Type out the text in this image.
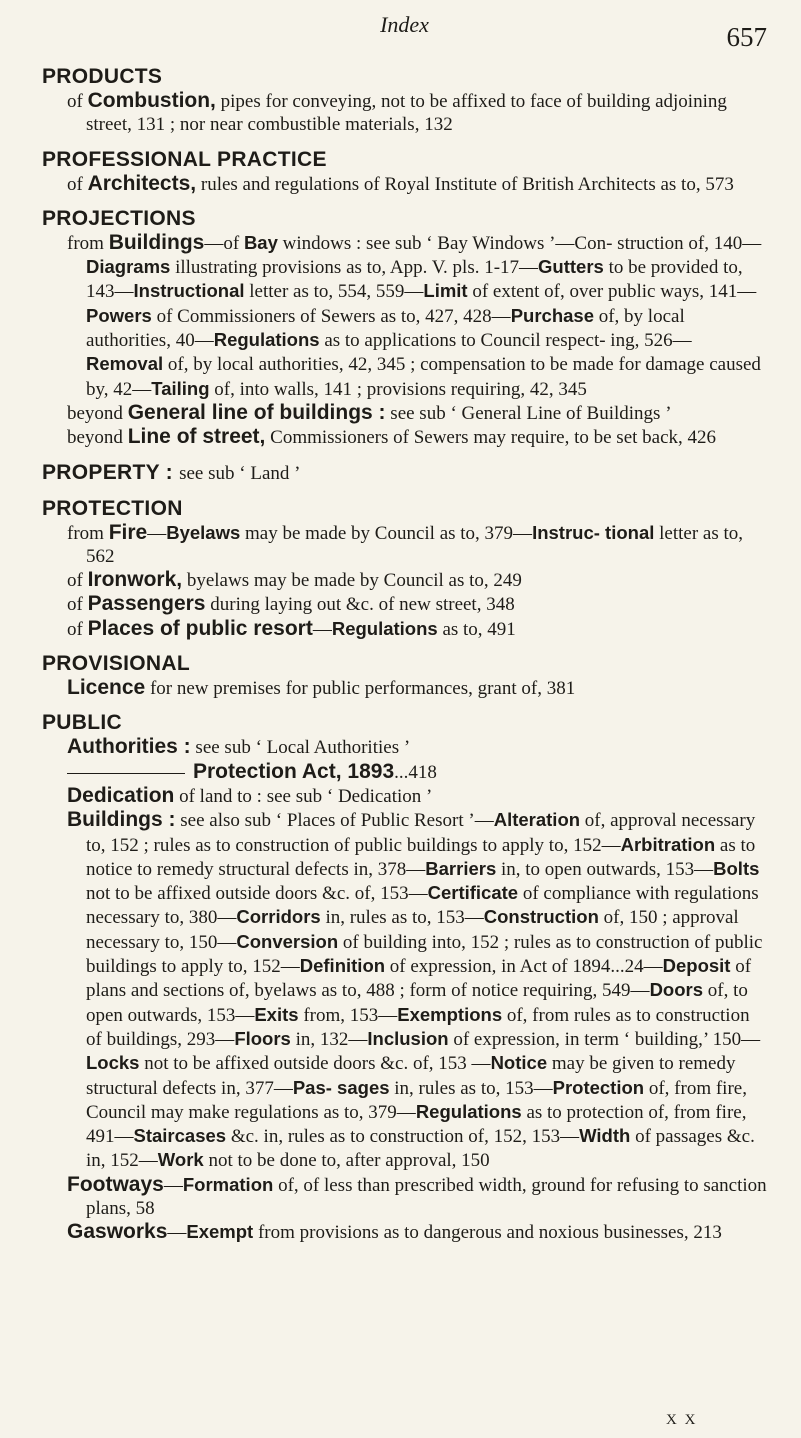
Index	657

PRODUCTS

of Combustion, pipes for conveying, not to be affixed to face of building adjoining street, 131 ; nor near combustible materials, 132

PROFESSIONAL PRACTICE

of Architects, rules and regulations of Royal Institute of British Architects as to, 573

PROJECTIONS

from Buildings—of Bay windows : see sub ‘ Bay Windows ’—Con- struction of, 140—Diagrams illustrating provisions as to, App. V. pls. 1-17—Gutters to be provided to, 143—Instructional letter as to, 554, 559—Limit of extent of, over public ways, 141—Powers of Commissioners of Sewers as to, 427, 428—Purchase of, by local authorities, 40—Regulations as to applications to Council respect- ing, 526—Removal of, by local authorities, 42, 345 ; compensation to be made for damage caused by, 42—Tailing of, into walls, 141 ; provisions requiring, 42, 345

beyond General line of buildings : see sub ‘ General Line of Buildings ’

beyond Line of street, Commissioners of Sewers may require, to be set back, 426

PROPERTY : see sub ‘ Land ’

PROTECTION

from Fire—Byelaws may be made by Council as to, 379—Instruc- tional letter as to, 562

of Ironwork, byelaws may be made by Council as to, 249

of Passengers during laying out &c. of new street, 348

of Places of public resort—Regulations as to, 491

PROVISIONAL

Licence for new premises for public performances, grant of, 381

PUBLIC

Authorities : see sub ‘ Local Authorities ’

Protection Act, 1893...418

Dedication of land to : see sub ‘ Dedication ’

Buildings : see also sub ‘ Places of Public Resort ’—Alteration of, approval necessary to, 152 ; rules as to construction of public buildings to apply to, 152—Arbitration as to notice to remedy structural defects in, 378—Barriers in, to open outwards, 153—Bolts not to be affixed outside doors &c. of, 153—Certificate of compliance with regulations necessary to, 380—Corridors in, rules as to, 153—Construction of, 150 ; approval necessary to, 150—Conversion of building into, 152 ; rules as to construction of public buildings to apply to, 152—Definition of expression, in Act of 1894...24—Deposit of plans and sections of, byelaws as to, 488 ; form of notice requiring, 549—Doors of, to open outwards, 153—Exits from, 153—Exemptions of, from rules as to construction of buildings, 293—Floors in, 132—Inclusion of expression, in term ‘ building,’ 150—Locks not to be affixed outside doors &c. of, 153 —Notice may be given to remedy structural defects in, 377—Pas- sages in, rules as to, 153—Protection of, from fire, Council may make regulations as to, 379—Regulations as to protection of, from fire, 491—Staircases &c. in, rules as to construction of, 152, 153—Width of passages &c. in, 152—Work not to be done to, after approval, 150

Footways—Formation of, of less than prescribed width, ground for refusing to sanction plans, 58

Gasworks—Exempt from provisions as to dangerous and noxious businesses, 213

X X
